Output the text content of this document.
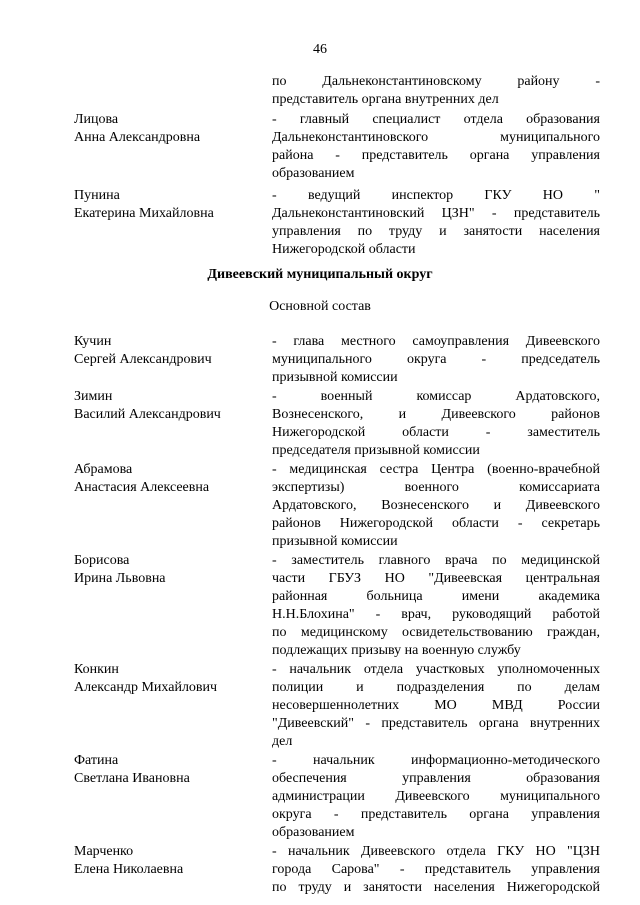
46
по Дальнеконстантиновскому району -
представитель органа внутренних дел
Лицова
Анна Александровна
- главный специалист отдела образования
Дальнеконстантиновского муниципального
района - представитель органа управления
образованием
Пунина
Екатерина Михайловна
- ведущий инспектор ГКУ НО "
Дальнеконстантиновский ЦЗН" - представитель
управления по труду и занятости населения
Нижегородской области
Дивеевский муниципальный округ
Основной состав
Кучин
Сергей Александрович
- глава местного самоуправления Дивеевского
муниципального округа - председатель
призывной комиссии
Зимин
Василий Александрович
- военный комиссар Ардатовского,
Вознесенского, и Дивеевского районов
Нижегородской области - заместитель
председателя призывной комиссии
Абрамова
Анастасия Алексеевна
- медицинская сестра Центра (военно-врачебной
экспертизы) военного комиссариата
Ардатовского, Вознесенского и Дивеевского
районов Нижегородской области - секретарь
призывной комиссии
Борисова
Ирина Львовна
- заместитель главного врача по медицинской
части ГБУЗ НО "Дивеевская центральная
районная больница имени академика
Н.Н.Блохина" - врач, руководящий работой
по медицинскому освидетельствованию граждан,
подлежащих призыву на военную службу
Конкин
Александр Михайлович
- начальник отдела участковых уполномоченных
полиции и подразделения по делам
несовершеннолетних МО МВД России
"Дивеевский" - представитель органа внутренних
дел
Фатина
Светлана Ивановна
- начальник информационно-методического
обеспечения управления образования
администрации Дивеевского муниципального
округа - представитель органа управления
образованием
Марченко
Елена Николаевна
- начальник Дивеевского отдела ГКУ НО "ЦЗН
города Сарова" - представитель управления
по труду и занятости населения Нижегородской
